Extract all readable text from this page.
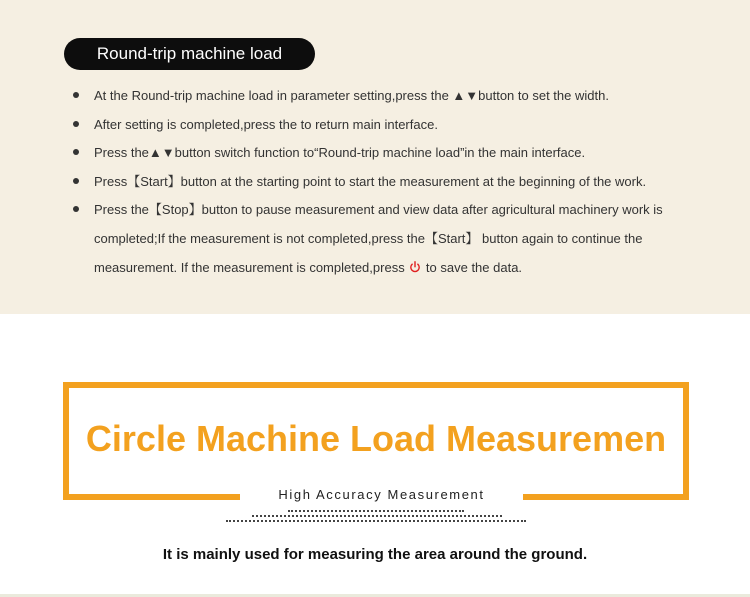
Round-trip machine load
At the Round-trip machine load in parameter setting,press the ▲▼button to set the width.
After setting is completed,press the to return main interface.
Press the▲▼button switch function to“Round-trip machine load”in the main interface.
Press【Start】button at the starting point to start the measurement at the beginning of the work.
Press the【Stop】button to pause measurement and view data after agricultural machinery work is completed;If the measurement is not completed,press the【Start】 button again to continue the measurement. If the measurement is completed,press  to save the data.
Circle Machine Load Measuremen
High Accuracy Measurement
It is mainly used for measuring the area around the ground.
